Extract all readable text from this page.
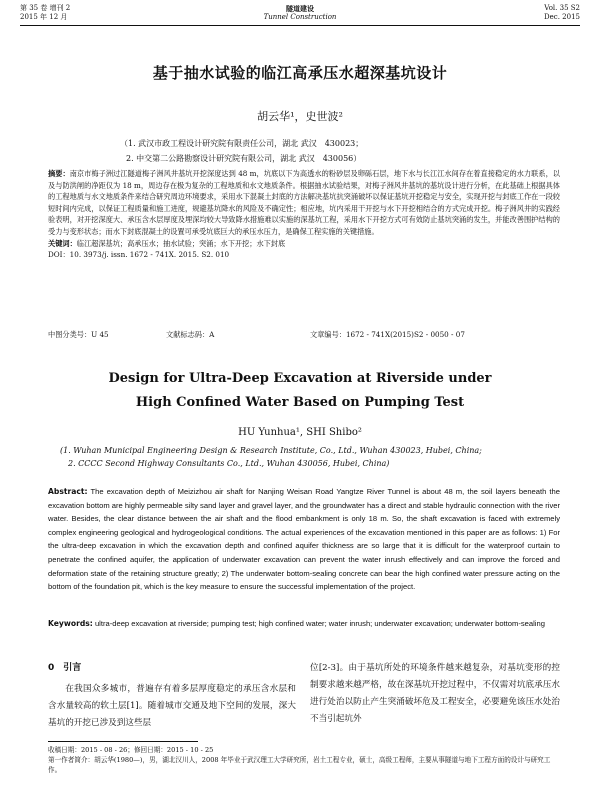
第 35 卷 增刊 2
2015 年 12 月
隧道建设
Tunnel Construction
Vol. 35 S2
Dec. 2015
基于抽水试验的临江高承压水超深基坑设计
胡云华¹，史世波²
（1. 武汉市政工程设计研究院有限责任公司，湖北 武汉　430023；
2. 中交第二公路勘察设计研究院有限公司，湖北 武汉　430056）
摘要：南京市梅子洲过江隧道梅子洲风井基坑开挖深度达到 48 m，坑底以下为高透水的粉砂层及卵砾石层，地下水与长江江水间存在着直接稳定的水力联系，以及与防洪闸的净距仅为 18 m，周边存在极为复杂的工程地质和水文地质条件。根据抽水试验结果，对梅子洲风井基坑的基坑设计进行分析，在此基础上根据具体的工程地质与水文地质条件来结合研究周边环境要求，采用水下混凝土封底的方法解决基坑抗突涌破坏以保证基坑开挖稳定与安全，实现开挖与封底工作在一段较短时间内完成，以保证工程质量和施工进度，规避基坑降水的风险及不确定性；相应地，坑内采用干开挖与水下开挖相结合的方式完成开挖。梅子洲风井的实践经验表明，对开挖深度大、承压含水层厚度及埋深均较大导致降水措施难以实施的深基坑工程，采用水下开挖方式可有效防止基坑突涌的发生，并能改善围护结构的受力与变形状态；而水下封底混凝土的设置可承受坑底巨大的承压水压力，是确保工程实施的关键措施。
关键词：临江超深基坑；高承压水；抽水试验；突涌；水下开挖；水下封底
DOI：10. 3973/j. issn. 1672 - 741X. 2015. S2. 010
中图分类号：U 45	文献标志码：A	文章编号：1672 - 741X(2015)S2 - 0050 - 07
Design for Ultra-Deep Excavation at Riverside under
High Confined Water Based on Pumping Test
HU Yunhua¹, SHI Shibo²
(1. Wuhan Municipal Engineering Design & Research Institute, Co., Ltd., Wuhan 430023, Hubei, China;
2. CCCC Second Highway Consultants Co., Ltd., Wuhan 430056, Hubei, China)
Abstract: The excavation depth of Meizizhou air shaft for Nanjing Weisan Road Yangtze River Tunnel is about 48 m, the soil layers beneath the excavation bottom are highly permeable silty sand layer and gravel layer, and the groundwater has a direct and stable hydraulic connection with the river water. Besides, the clear distance between the air shaft and the flood embankment is only 18 m. So, the shaft excavation is faced with extremely complex engineering geological and hydrogeological conditions. The actual experiences of the excavation mentioned in this paper are as follows: 1) For the ultra-deep excavation in which the excavation depth and confined aquifer thickness are so large that it is difficult for the waterproof curtain to penetrate the confined aquifer, the application of underwater excavation can prevent the water inrush effectively and can improve the forced and deformation state of the retaining structure greatly; 2) The underwater bottom-sealing concrete can bear the high confined water pressure acting on the bottom of the foundation pit, which is the key measure to ensure the successful implementation of the project.
Keywords: ultra-deep excavation at riverside; pumping test; high confined water; water inrush; underwater excavation; underwater bottom-sealing
0　引言
在我国众多城市，普遍存有着多层厚度稳定的承压含水层和含水量较高的软土层[1]。随着城市交通及地下空间的发展，深大基坑的开挖已涉及到这些层
位[2-3]。由于基坑所处的环境条件越来越复杂，对基坑变形的控制要求越来越严格，故在深基坑开挖过程中，不仅需对坑底承压水进行处治以防止产生突涌破坏危及工程安全，必要避免该压水处治不当引起坑外
收稿日期：2015 - 08 - 26；修回日期：2015 - 10 - 25
第一作者简介：胡云华(1980—)，男，湖北汉川人，2008 年毕业于武汉理工大学研究所，岩土工程专业，硕士，高级工程师，主要从事隧道与地下工程方面的设计与研究工作。
